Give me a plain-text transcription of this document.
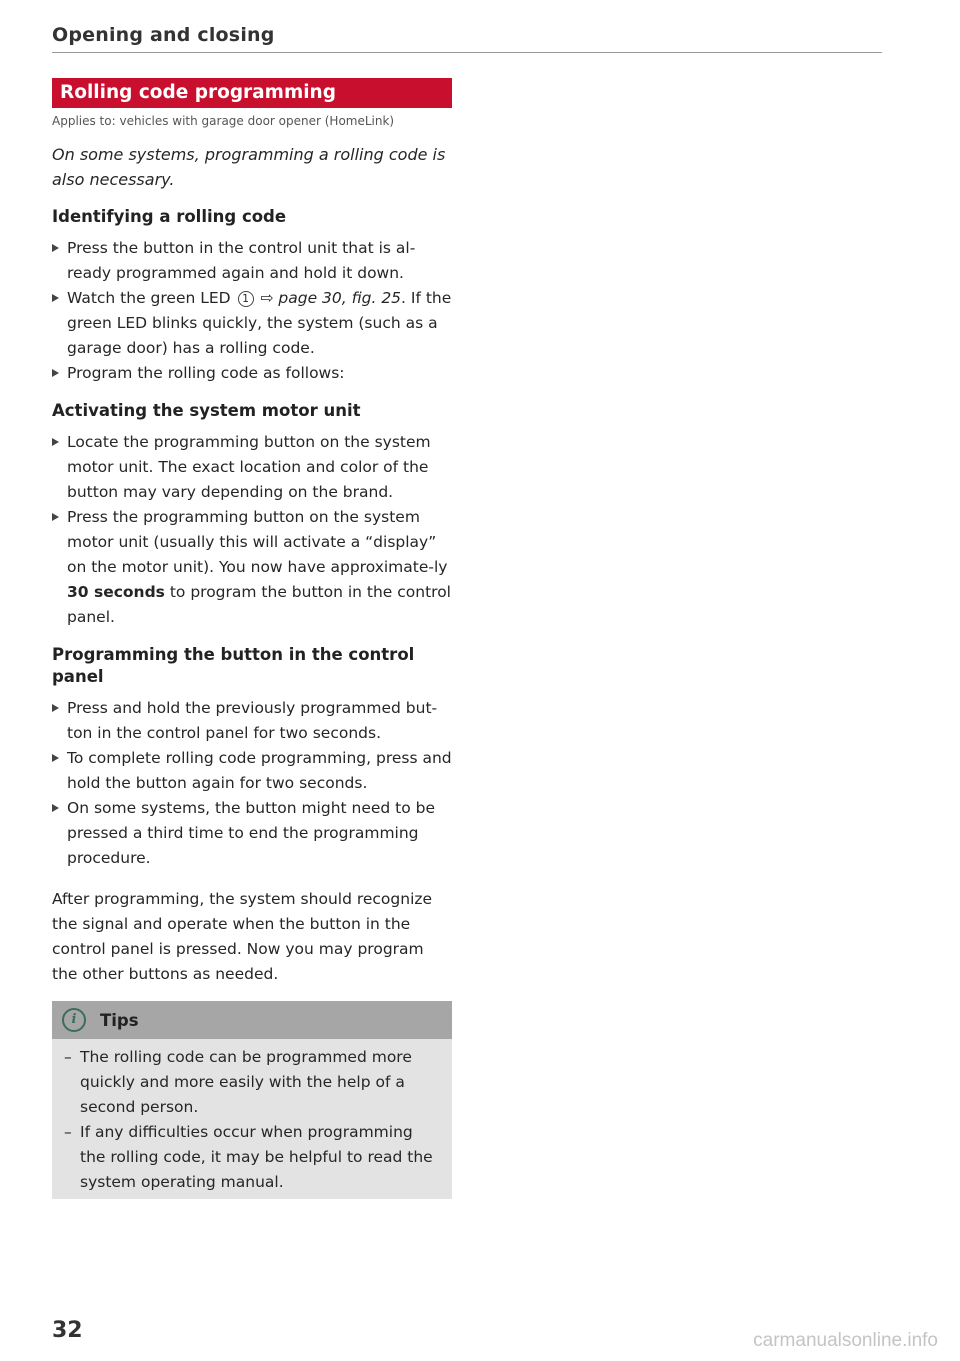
Opening and closing
Rolling code programming
Applies to: vehicles with garage door opener (HomeLink)
On some systems, programming a rolling code is also necessary.
Identifying a rolling code
Press the button in the control unit that is al-ready programmed again and hold it down.
Watch the green LED 1 ⇨ page 30, fig. 25. If the green LED blinks quickly, the system (such as a garage door) has a rolling code.
Program the rolling code as follows:
Activating the system motor unit
Locate the programming button on the system motor unit. The exact location and color of the button may vary depending on the brand.
Press the programming button on the system motor unit (usually this will activate a “display” on the motor unit). You now have approximate-ly 30 seconds to program the button in the control panel.
Programming the button in the control panel
Press and hold the previously programmed but-ton in the control panel for two seconds.
To complete rolling code programming, press and hold the button again for two seconds.
On some systems, the button might need to be pressed a third time to end the programming procedure.
After programming, the system should recognize the signal and operate when the button in the control panel is pressed. Now you may program the other buttons as needed.
i	Tips
– The rolling code can be programmed more quickly and more easily with the help of a second person.
– If any difficulties occur when programming the rolling code, it may be helpful to read the system operating manual.
32	carmanualsonline.info
